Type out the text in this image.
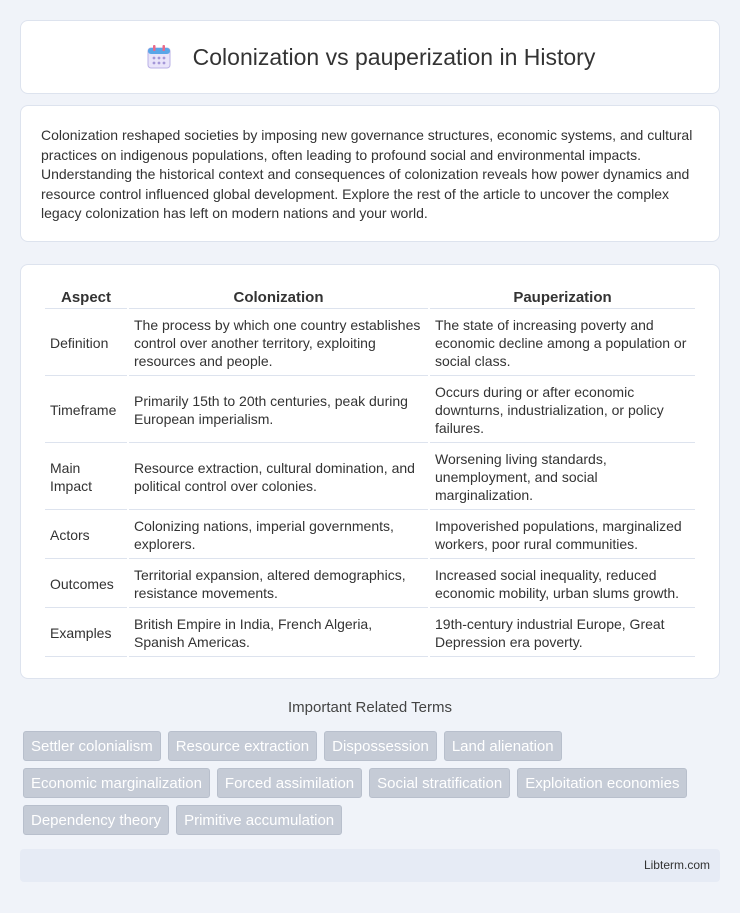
Colonization vs pauperization in History

Colonization reshaped societies by imposing new governance structures, economic systems, and cultural practices on indigenous populations, often leading to profound social and environmental impacts. Understanding the historical context and consequences of colonization reveals how power dynamics and resource control influenced global development. Explore the rest of the article to uncover the complex legacy colonization has left on modern nations and your world.

Aspect	Colonization	Pauperization
Definition	The process by which one country establishes control over another territory, exploiting resources and people.	The state of increasing poverty and economic decline among a population or social class.
Timeframe	Primarily 15th to 20th centuries, peak during European imperialism.	Occurs during or after economic downturns, industrialization, or policy failures.
Main Impact	Resource extraction, cultural domination, and political control over colonies.	Worsening living standards, unemployment, and social marginalization.
Actors	Colonizing nations, imperial governments, explorers.	Impoverished populations, marginalized workers, poor rural communities.
Outcomes	Territorial expansion, altered demographics, resistance movements.	Increased social inequality, reduced economic mobility, urban slums growth.
Examples	British Empire in India, French Algeria, Spanish Americas.	19th-century industrial Europe, Great Depression era poverty.
Important Related Terms
Settler colonialism	Resource extraction	Dispossession	Land alienation
Economic marginalization	Forced assimilation	Social stratification	Exploitation economies
Dependency theory	Primitive accumulation
Libterm.com
